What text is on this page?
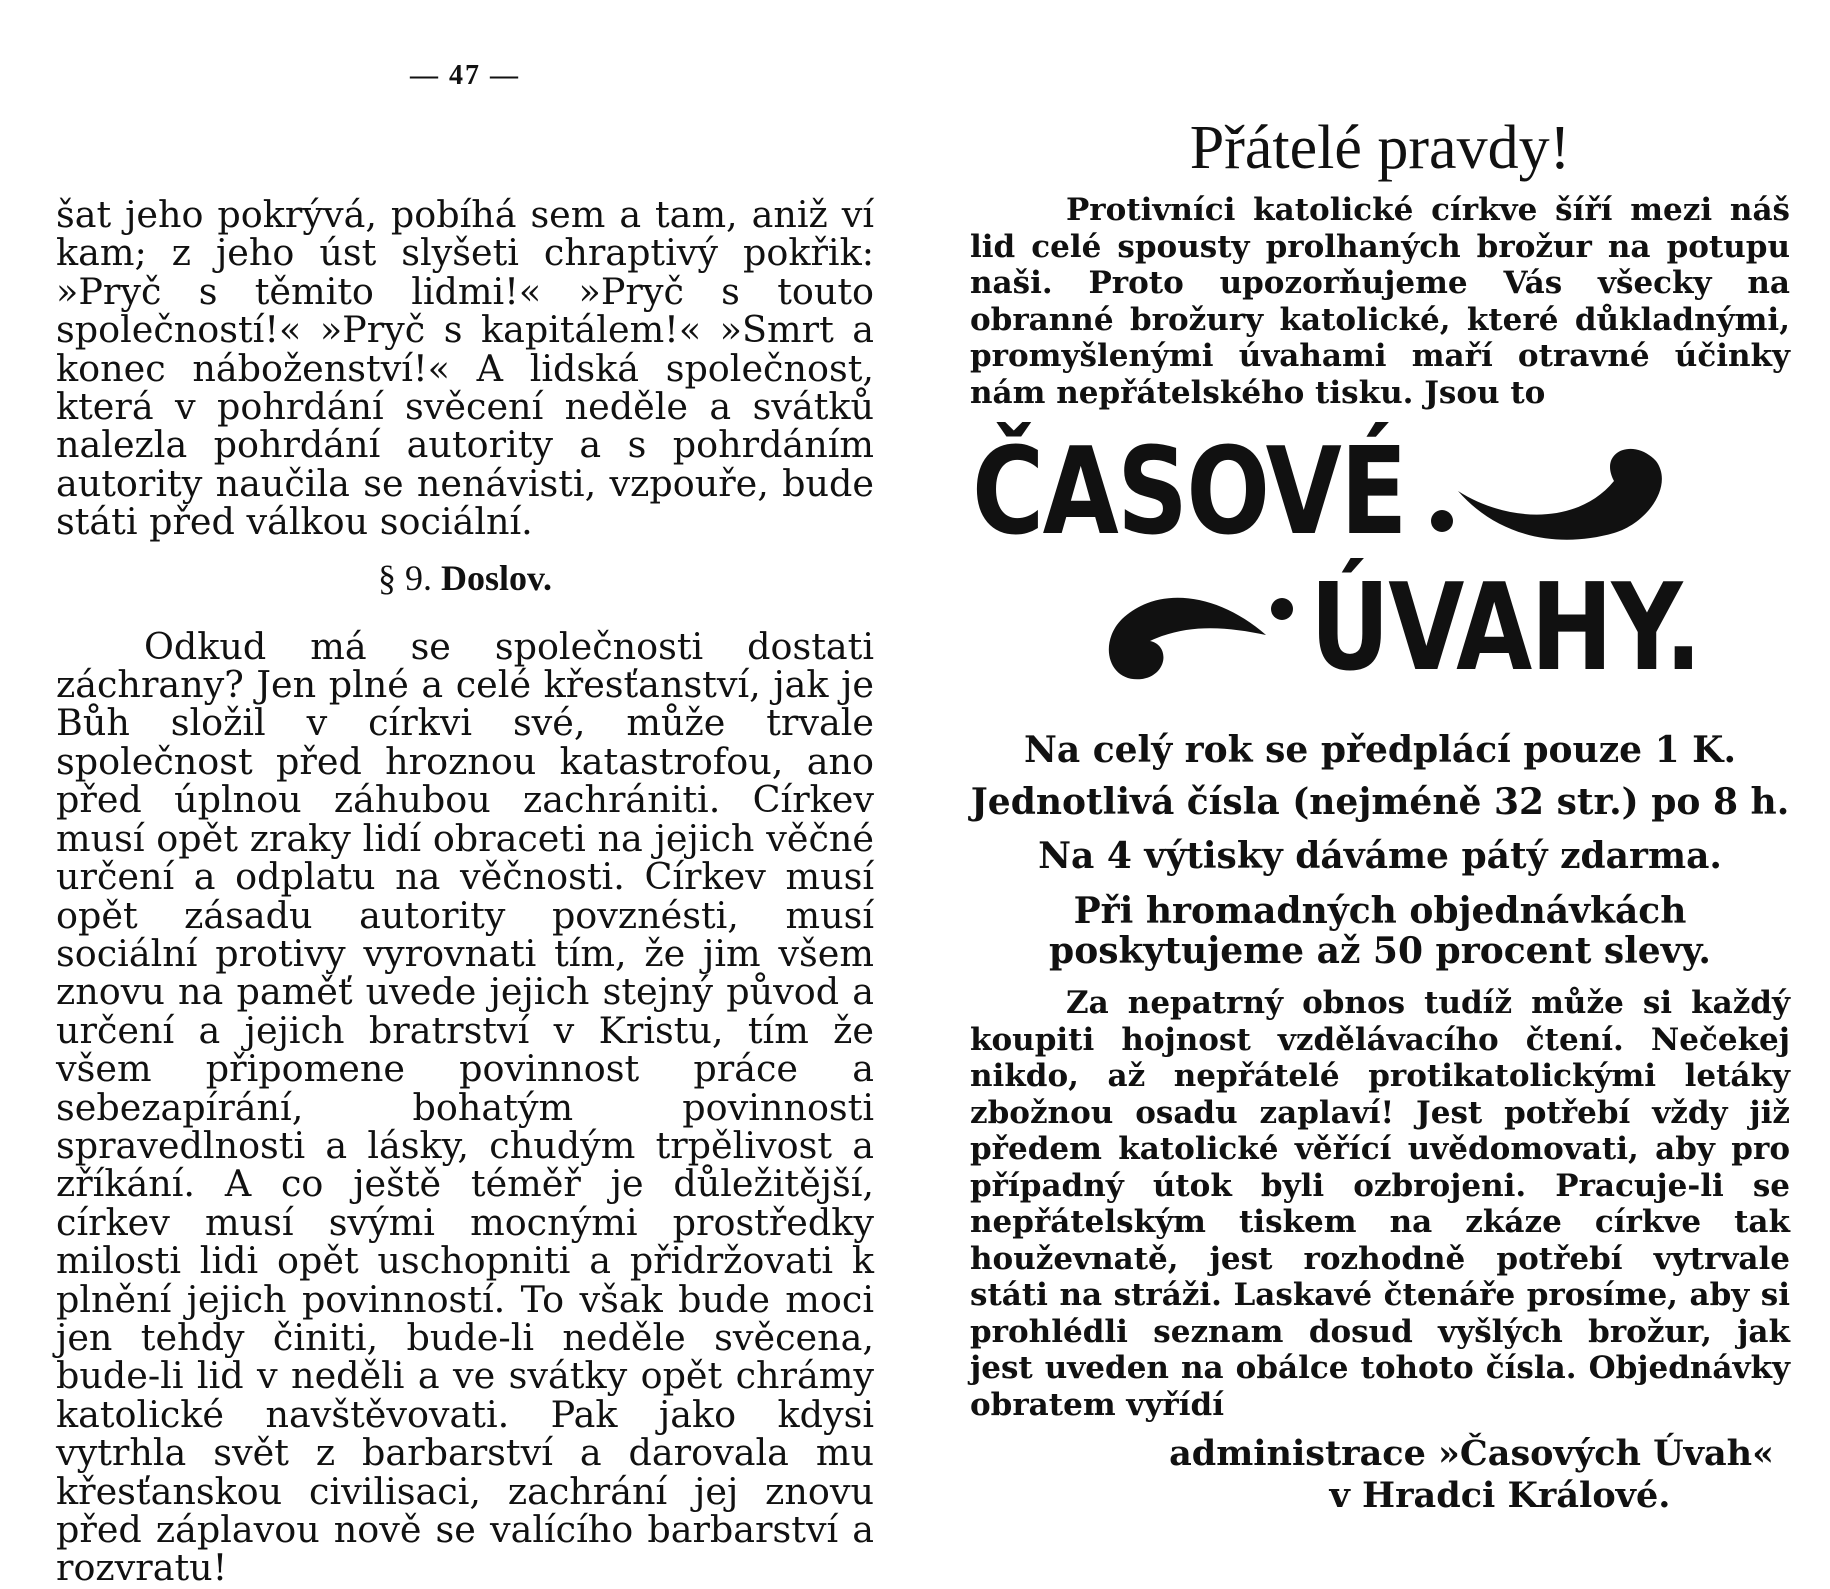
— 47 —

šat jeho pokrývá, pobíhá sem a tam, aniž ví kam; z jeho úst slyšeti chraptivý pokřik: »Pryč s těmito lidmi!« »Pryč s touto společností!« »Pryč s kapitálem!« »Smrt a konec náboženství!« A lidská společnost, která v pohrdání svěcení neděle a svátků nalezla pohrdání autority a s pohrdáním autority naučila se nenávisti, vzpouře, bude státi před válkou sociální.

§ 9. Doslov.

Odkud má se společnosti dostati záchrany? Jen plné a celé křesťanství, jak je Bůh složil v církvi své, může trvale společnost před hroznou katastrofou, ano před úplnou záhubou zachrániti. Církev musí opět zraky lidí obraceti na jejich věčné určení a odplatu na věčnosti. Církev musí opět zásadu autority povznésti, musí sociální protivy vyrovnati tím, že jim všem znovu na paměť uvede jejich stejný původ a určení a jejich bratrství v Kristu, tím že všem připomene povinnost práce a sebezapírání, bohatým povinnosti spravedlnosti a lásky, chudým trpělivost a zříkání. A co ještě téměř je důležitější, církev musí svými mocnými prostředky milosti lidi opět uschopniti a přidržovati k plnění jejich povinností. To však bude moci jen tehdy činiti, bude-li neděle svěcena, bude-li lid v neděli a ve svátky opět chrámy katolické navštěvovati. Pak jako kdysi vytrhla svět z barbarství a darovala mu křesťanskou civilisaci, zachrání jej znovu před záplavou nově se valícího barbarství a rozvratu!

Přátelé pravdy!

Protivníci katolické církve šíří mezi náš lid celé spousty prolhaných brožur na potupu naši. Proto upozorňujeme Vás všecky na obranné brožury katolické, které důkladnými, promyšlenými úvahami maří otravné účinky nám nepřátelského tisku. Jsou to

ČASOVÉ
ÚVAHY.

Na celý rok se předplácí pouze 1 K.

Jednotlivá čísla (nejméně 32 str.) po 8 h.

Na 4 výtisky dáváme pátý zdarma.

Při hromadných objednávkách poskytujeme až 50 procent slevy.

Za nepatrný obnos tudíž může si každý koupiti hojnost vzdělávacího čtení. Nečekej nikdo, až nepřátelé protikatolickými letáky zbožnou osadu zaplaví! Jest potřebí vždy již předem katolické věřící uvědomovati, aby pro případný útok byli ozbrojeni. Pracuje-li se nepřátelským tiskem na zkáze církve tak houževnatě, jest rozhodně potřebí vytrvale státi na stráži. Laskavé čtenáře prosíme, aby si prohlédli seznam dosud vyšlých brožur, jak jest uveden na obálce tohoto čísla. Objednávky obratem vyřídí

administrace »Časových Úvah«

v Hradci Králové.
